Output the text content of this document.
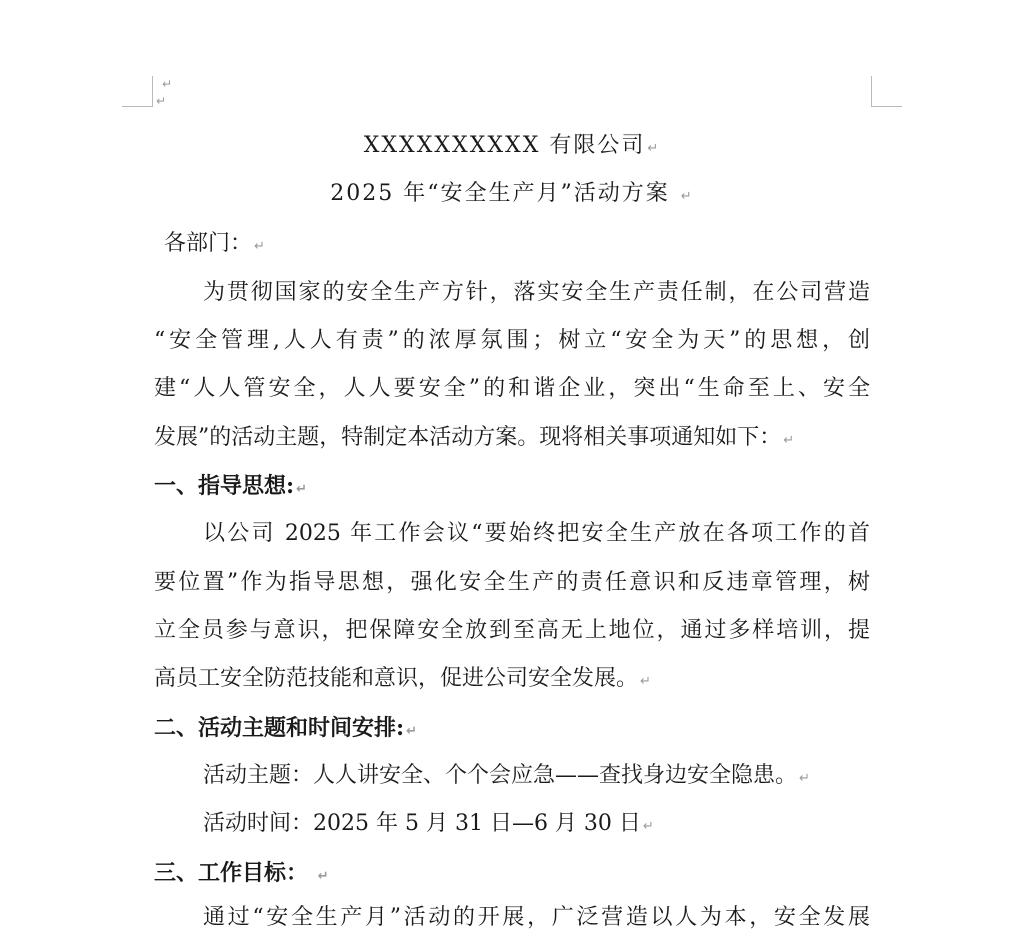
↵
↵
XXXXXXXXXX 有限公司 ↵
2025 年“安全生产月”活动方案 ↵
各部门： ↵
为贯彻国家的安全生产方针，落实安全生产责任制，在公司营造
“安全管理,人人有责”的浓厚氛围；树立“安全为天”的思想，创
建“人人管安全，人人要安全”的和谐企业，突出“生命至上、安全
发展”的活动主题，特制定本活动方案。现将相关事项通知如下： ↵
一、指导思想: ↵
以公司 2025 年工作会议“要始终把安全生产放在各项工作的首
要位置”作为指导思想，强化安全生产的责任意识和反违章管理，树
立全员参与意识，把保障安全放到至高无上地位，通过多样培训，提
高员工安全防范技能和意识，促进公司安全发展。 ↵
二、活动主题和时间安排: ↵
活动主题：人人讲安全、个个会应急——查找身边安全隐患。 ↵
活动时间：2025 年 5 月 31 日—6 月 30 日 ↵
三、工作目标： ↵
通过“安全生产月”活动的开展，广泛营造以人为本，安全发展
